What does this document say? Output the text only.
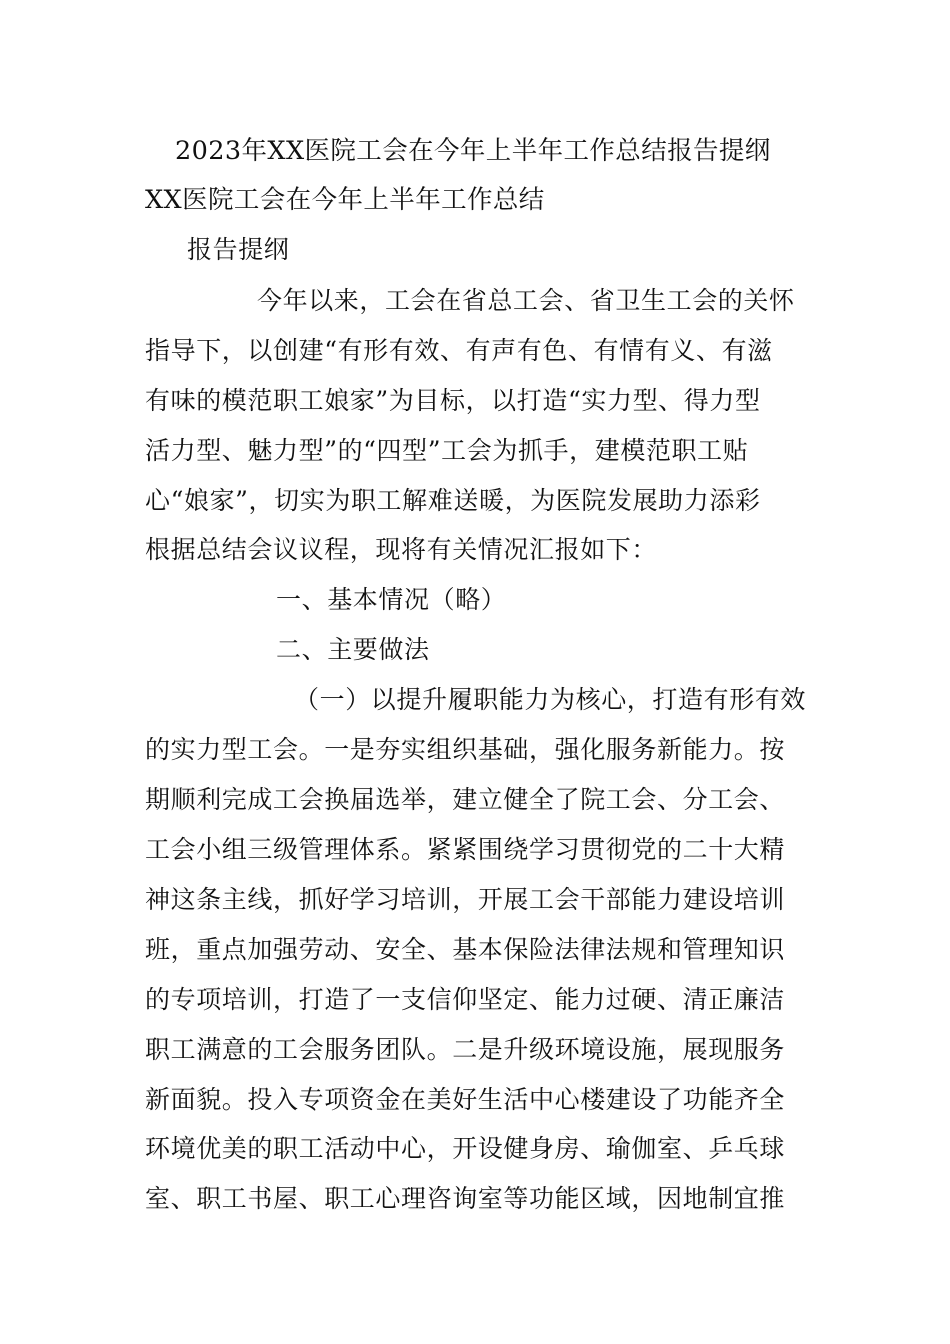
2023年XX医院工会在今年上半年工作总结报告提纲
XX医院工会在今年上半年工作总结
报告提纲
今年以来，工会在省总工会、省卫生工会的关怀
指导下，以创建“有形有效、有声有色、有情有义、有滋
有味的模范职工娘家”为目标，以打造“实力型、得力型
活力型、魅力型”的“四型”工会为抓手，建模范职工贴
心“娘家”，切实为职工解难送暖，为医院发展助力添彩
根据总结会议议程，现将有关情况汇报如下：
一、基本情况（略）
二、主要做法
（一）以提升履职能力为核心，打造有形有效
的实力型工会。一是夯实组织基础，强化服务新能力。按
期顺利完成工会换届选举，建立健全了院工会、分工会、
工会小组三级管理体系。紧紧围绕学习贯彻党的二十大精
神这条主线，抓好学习培训，开展工会干部能力建设培训
班，重点加强劳动、安全、基本保险法律法规和管理知识
的专项培训，打造了一支信仰坚定、能力过硬、清正廉洁
职工满意的工会服务团队。二是升级环境设施，展现服务
新面貌。投入专项资金在美好生活中心楼建设了功能齐全
环境优美的职工活动中心，开设健身房、瑜伽室、乒乓球
室、职工书屋、职工心理咨询室等功能区域，因地制宜推
